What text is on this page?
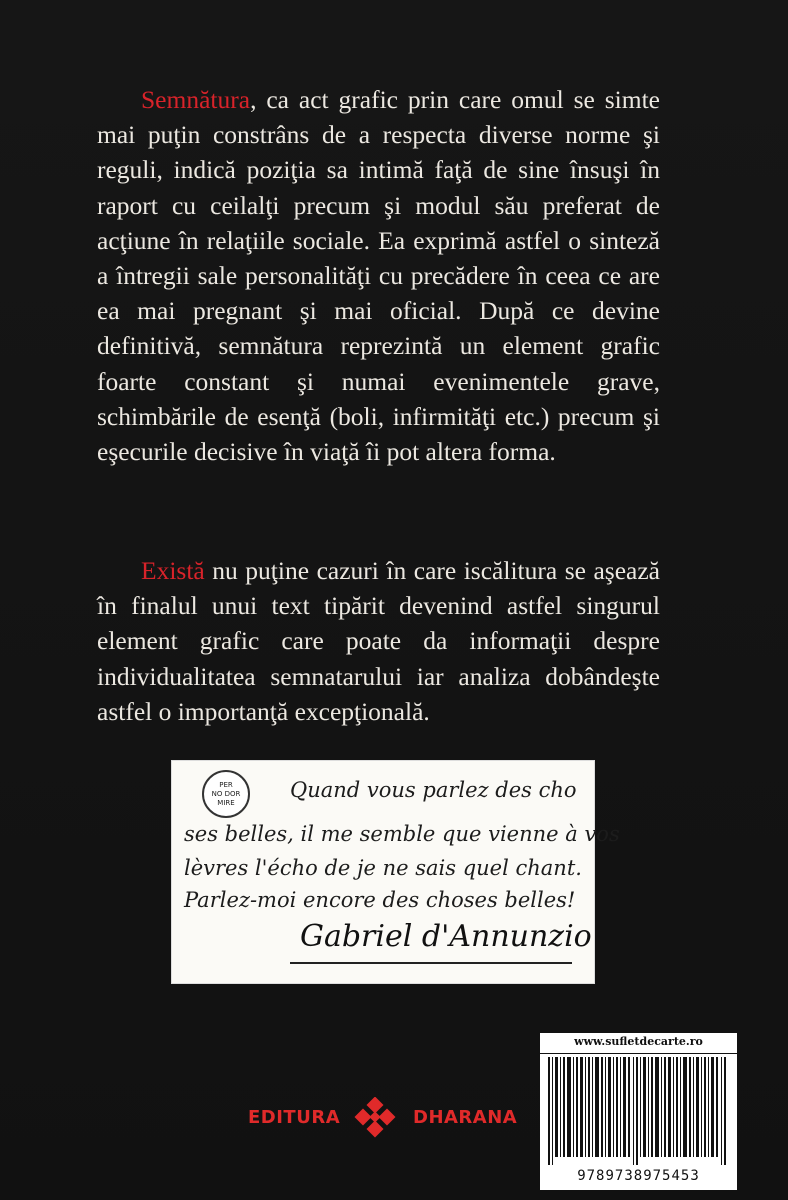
Semnătura, ca act grafic prin care omul se simte mai puţin constrâns de a respecta diverse norme şi reguli, indică poziţia sa intimă faţă de sine însuşi în raport cu ceilalţi precum şi modul său preferat de acţiune în relaţiile sociale. Ea exprimă astfel o sinteză a întregii sale personalităţi cu precădere în ceea ce are ea mai pregnant şi mai oficial. După ce devine definitivă, semnătura reprezintă un element grafic foarte constant şi numai evenimentele grave, schimbările de esenţă (boli, infirmităţi etc.) precum şi eşecurile decisive în viaţă îi pot altera forma.
Există nu puţine cazuri în care iscălitura se aşează în finalul unui text tipărit devenind astfel singurul element grafic care poate da informaţii despre individualitatea semnatarului iar analiza dobândeşte astfel o importanţă excepţională.
PER
NO DOR
MIRE
Quand vous parlez des cho
ses belles, il me semble que vienne à vos
lèvres l'écho de je ne sais quel chant.
Parlez-moi encore des choses belles!
Gabriel d'Annunzio
EDITURA	DHARANA
www.sufletdecarte.ro
9789738975453
